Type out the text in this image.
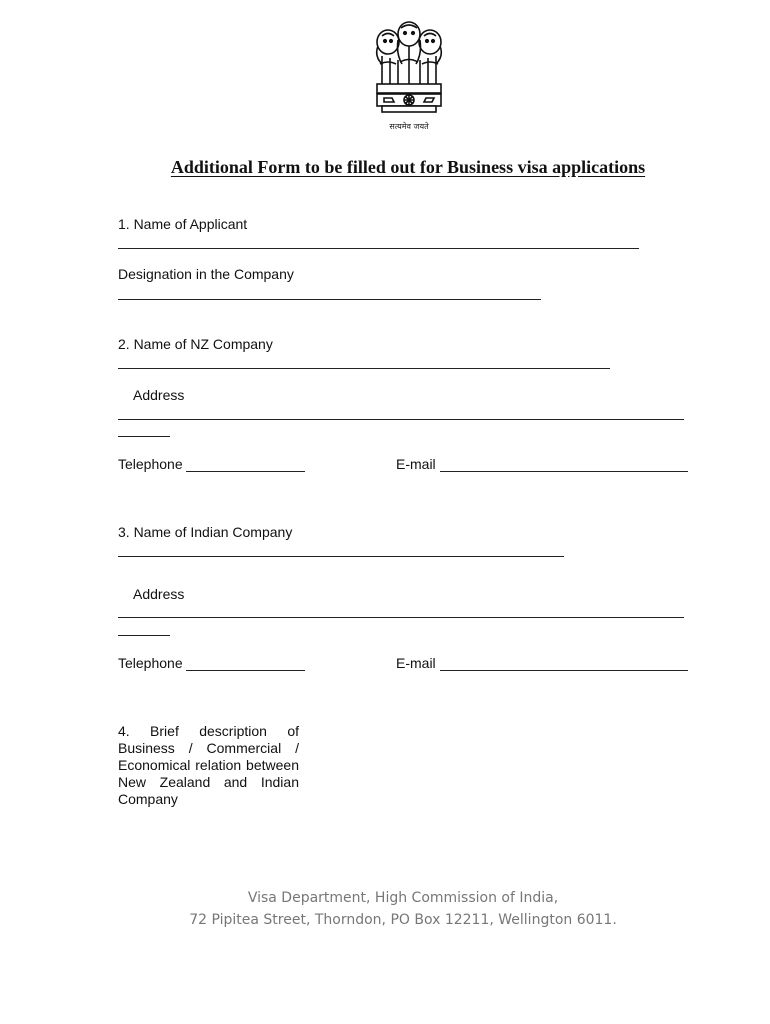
सत्यमेव जयते
Additional Form to be filled out for Business visa applications
1. Name of Applicant
Designation in the Company
2. Name of NZ Company
Address
Telephone	E-mail
3. Name of Indian Company
Address
Telephone	E-mail
4. Brief description of Business / Commercial / Economical relation between New Zealand and Indian Company
Visa Department, High Commission of India,
72 Pipitea Street, Thorndon, PO Box 12211, Wellington 6011.
